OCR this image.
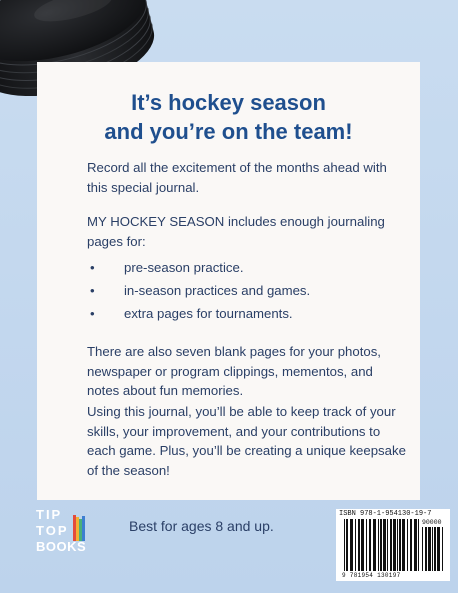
It’s hockey season
and you’re on the team!

Record all the excitement of the months ahead with this special journal.

MY HOCKEY SEASON includes enough journaling pages for:

• pre-season practice.
• in-season practices and games.
• extra pages for tournaments.

There are also seven blank pages for your photos, newspaper or program clippings, mementos, and notes about fun memories.

Using this journal, you’ll be able to keep track of your skills, your improvement, and your contributions to each game. Plus, you’ll be creating a unique keepsake of the season!

TIP
TOP
BOOKS
Best for ages 8 and up.
ISBN 978-1-954130-19-7
90000
9 781954 130197
